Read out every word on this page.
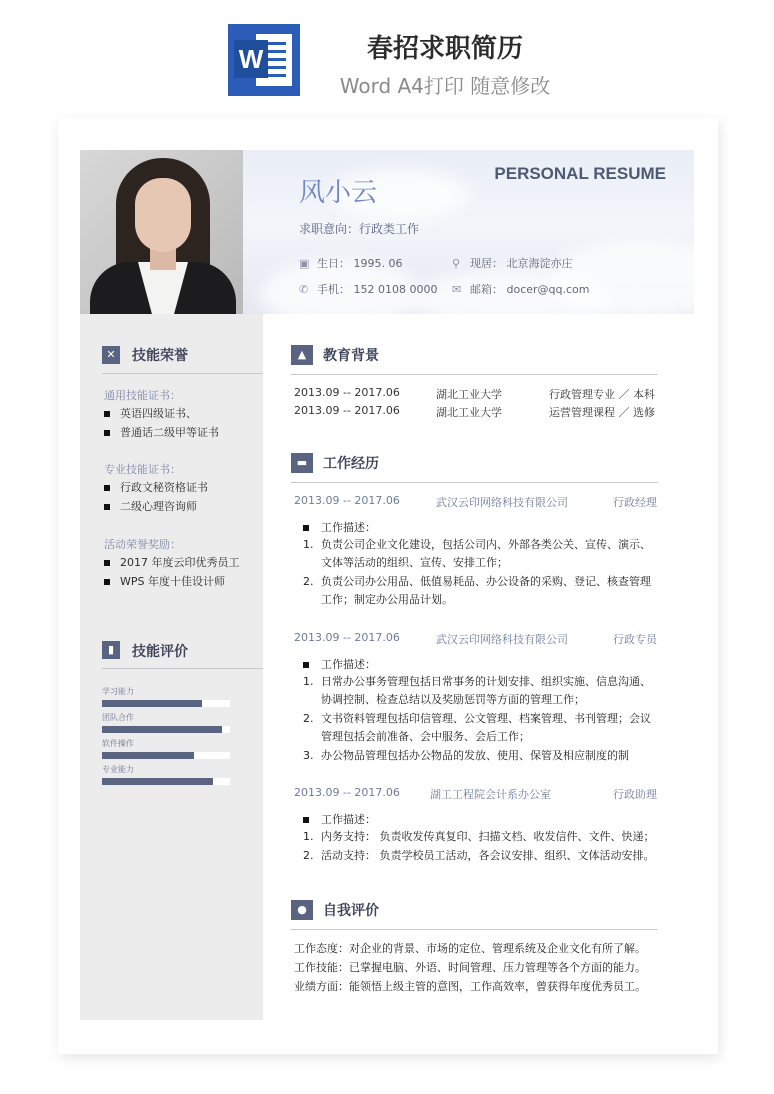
W	春招求职简历
Word A4打印 随意修改
风小云
PERSONAL RESUME
求职意向：行政类工作
▣ 生日： 1995. 06	⚲ 现居： 北京海淀亦庄
✆ 手机： 152 0108 0000 ✉ 邮箱： docer@qq.com
✕	技能荣誉
通用技能证书：
英语四级证书、
普通话二级甲等证书
专业技能证书：
行政文秘资格证书
二级心理咨询师
活动荣誉奖励：
2017 年度云印优秀员工
WPS 年度十佳设计师
▮	技能评价
学习能力
团队合作
软件操作
专业能力
▲	教育背景
2013.09 -- 2017.06	湖北工业大学	行政管理专业 ／ 本科
2013.09 -- 2017.06	湖北工业大学	运营管理课程 ／ 选修
▬	工作经历
2013.09 -- 2017.06	武汉云印网络科技有限公司	行政经理
工作描述：
1. 负责公司企业文化建设，包括公司内、外部各类公关、宣传、演示、文体等活动的组织、宣传、安排工作；
2. 负责公司办公用品、低值易耗品、办公设备的采购、登记、核查管理工作；制定办公用品计划。
2013.09 -- 2017.06	武汉云印网络科技有限公司	行政专员
工作描述：
1. 日常办公事务管理包括日常事务的计划安排、组织实施、信息沟通、协调控制、检查总结以及奖励惩罚等方面的管理工作；
2. 文书资料管理包括印信管理、公文管理、档案管理、书刊管理；会议管理包括会前准备、会中服务、会后工作；
3. 办公物品管理包括办公物品的发放、使用、保管及相应制度的制
2013.09 -- 2017.06	湖工工程院会计系办公室	行政助理
工作描述：
1. 内务支持： 负责收发传真复印、扫描文档、收发信件、文件、快递；
2. 活动支持： 负责学校员工活动，各会议安排、组织、文体活动安排。
●	自我评价
工作态度：对企业的背景、市场的定位、管理系统及企业文化有所了解。
工作技能：已掌握电脑、外语、时间管理、压力管理等各个方面的能力。
业绩方面：能领悟上级主管的意图，工作高效率，曾获得年度优秀员工。
